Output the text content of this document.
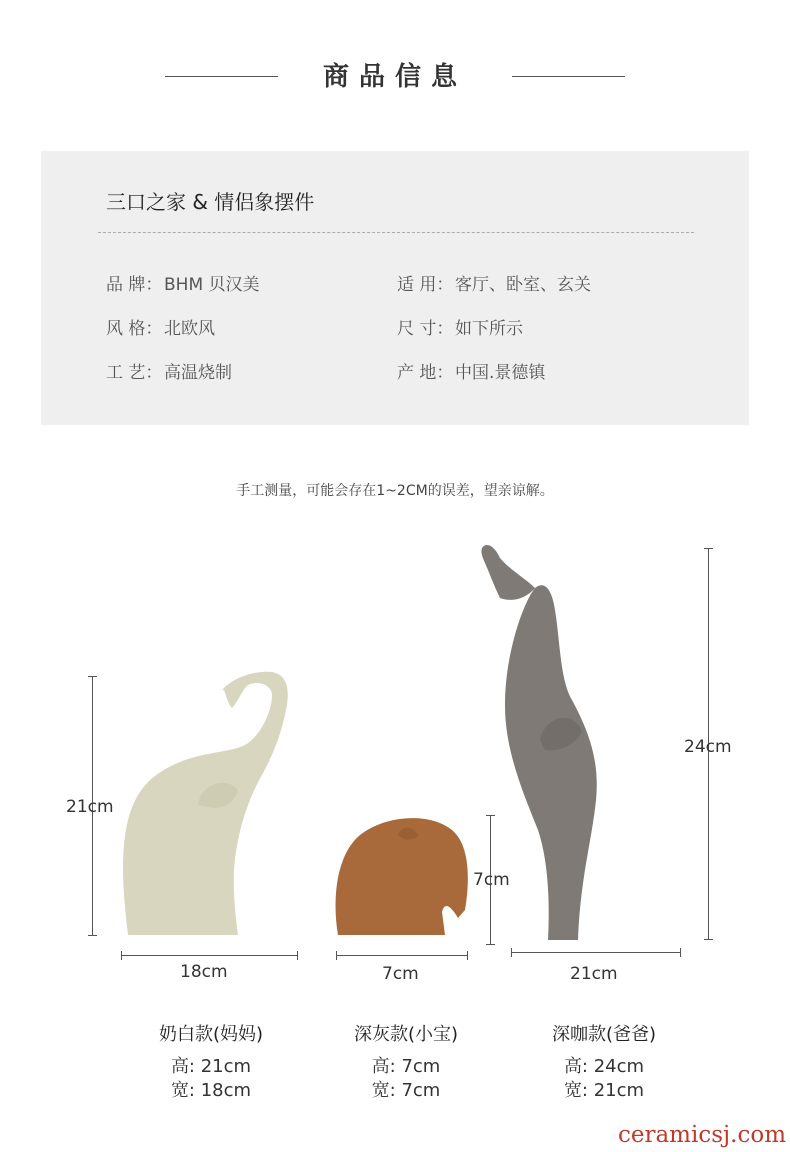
商品信息
三口之家 & 情侣象摆件
品 牌：BHM 贝汉美	适 用：客厅、卧室、玄关
风 格：北欧风	尺 寸：如下所示
工 艺：高温烧制	产 地：中国.景德镇
手工测量，可能会存在1~2CM的误差，望亲谅解。
21cm
18cm
7cm
7cm
24cm
21cm
奶白款(妈妈)
高: 21cm
宽: 18cm
深灰款(小宝)
高: 7cm
宽: 7cm
深咖款(爸爸)
高: 24cm
宽: 21cm
ceramicsj.com
